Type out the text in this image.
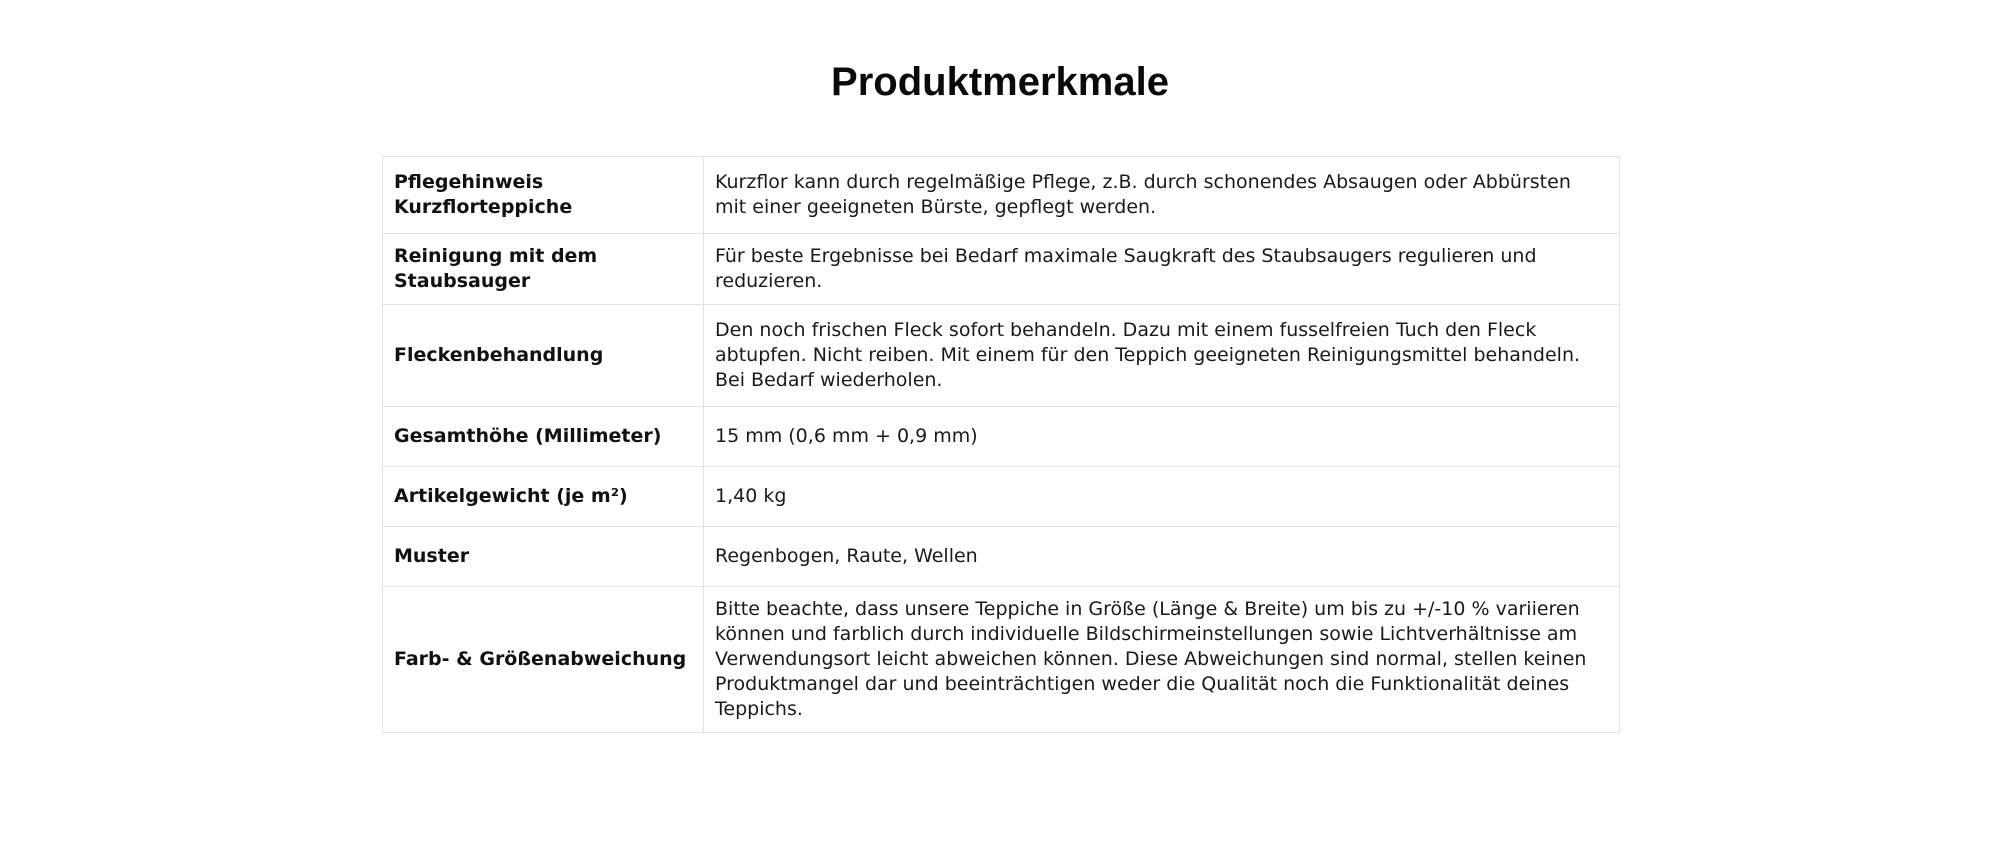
Produktmerkmale
Pflegehinweis Kurzflorteppiche	Kurzflor kann durch regelmäßige Pflege, z.B. durch schonendes Absaugen oder Abbürsten mit einer geeigneten Bürste, gepflegt werden.
Reinigung mit dem Staubsauger	Für beste Ergebnisse bei Bedarf maximale Saugkraft des Staubsaugers regulieren und reduzieren.
Fleckenbehandlung	Den noch frischen Fleck sofort behandeln. Dazu mit einem fusselfreien Tuch den Fleck abtupfen. Nicht reiben. Mit einem für den Teppich geeigneten Reinigungsmittel behandeln. Bei Bedarf wiederholen.
Gesamthöhe (Millimeter)	15 mm (0,6 mm + 0,9 mm)
Artikelgewicht (je m²)	1,40 kg
Muster	Regenbogen, Raute, Wellen
Farb- & Größenabweichung	Bitte beachte, dass unsere Teppiche in Größe (Länge & Breite) um bis zu +/-10 % variieren können und farblich durch individuelle Bildschirmeinstellungen sowie Lichtverhältnisse am Verwendungsort leicht abweichen können. Diese Abweichungen sind normal, stellen keinen Produktmangel dar und beeinträchtigen weder die Qualität noch die Funktionalität deines Teppichs.
